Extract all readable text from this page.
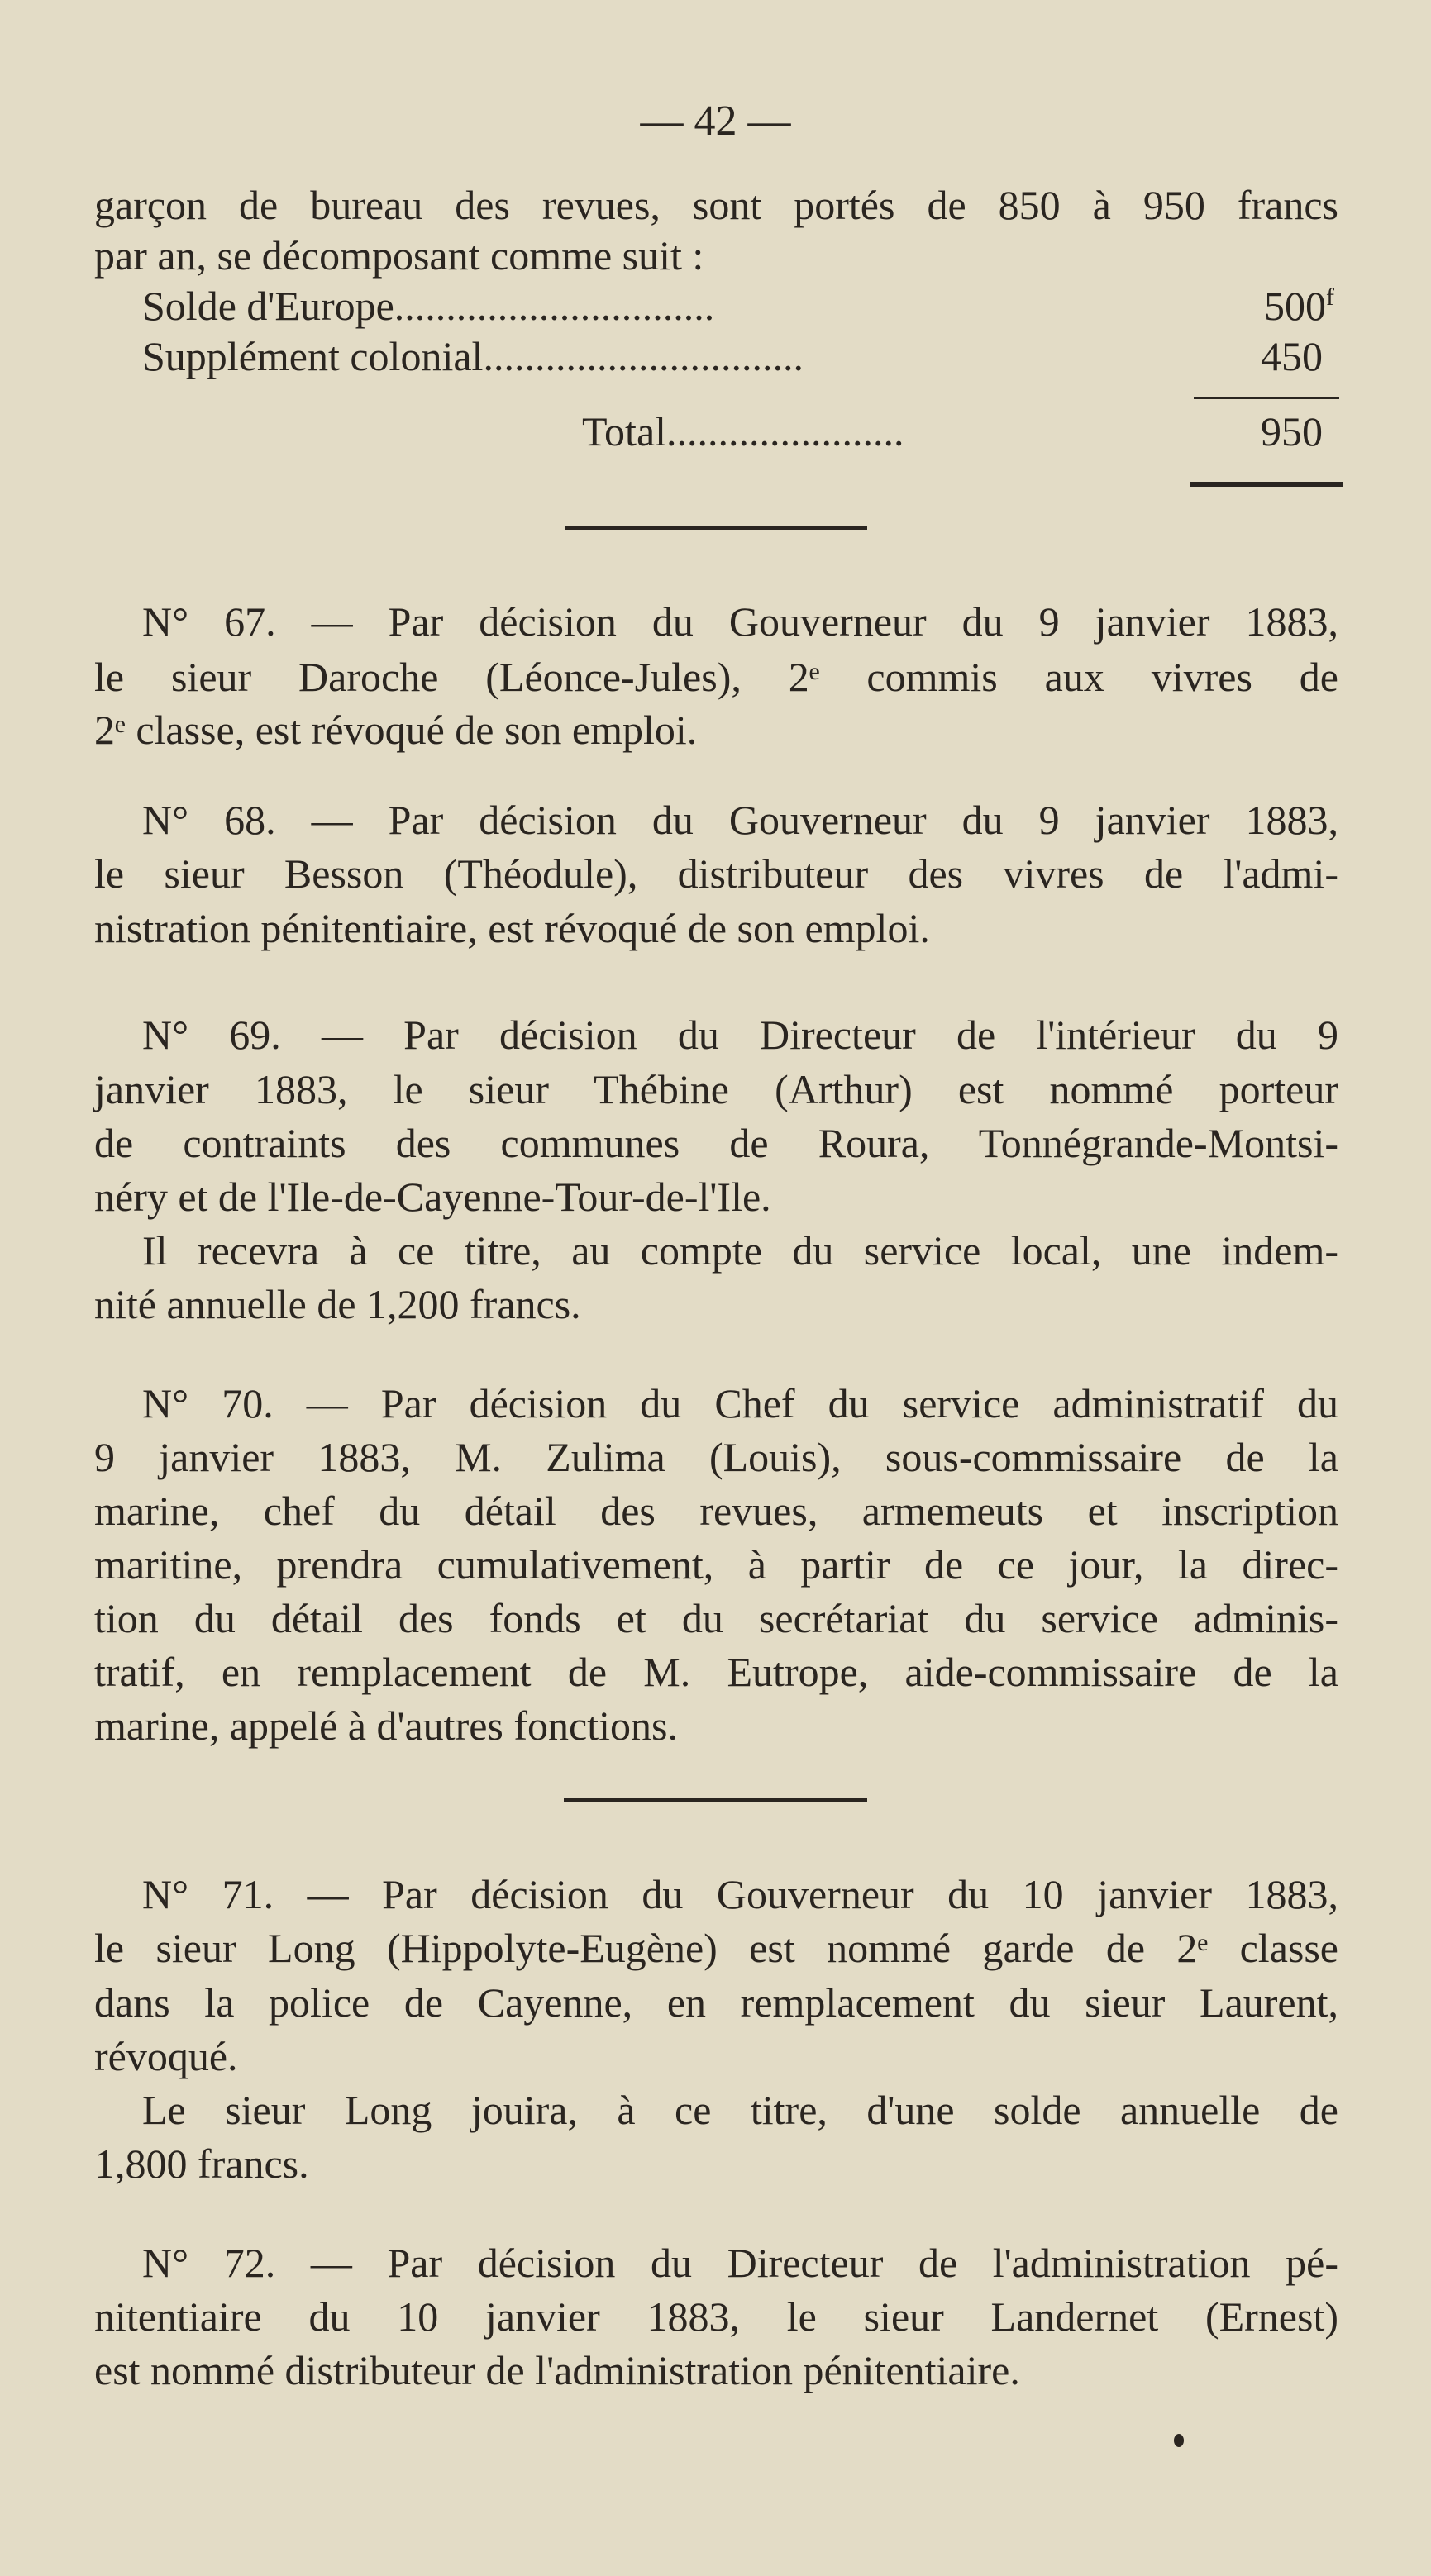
— 42 —
garçon de bureau des revues, sont portés de 850 à 950 francs
par an, se décomposant comme suit :
Solde d'Europe...............................	500$^f$
Supplément colonial...............................	450
Total.......................	950
N° 67. — Par décision du Gouverneur du 9 janvier 1883,
le sieur Daroche (Léonce-Jules), 2ᵉ commis aux vivres de
2ᵉ classe, est révoqué de son emploi.
N° 68. — Par décision du Gouverneur du 9 janvier 1883,
le sieur Besson (Théodule), distributeur des vivres de l'admi-
nistration pénitentiaire, est révoqué de son emploi.
N° 69. — Par décision du Directeur de l'intérieur du 9
janvier 1883, le sieur Thébine (Arthur) est nommé porteur
de contraints des communes de Roura, Tonnégrande-Montsi-
néry et de l'Ile-de-Cayenne-Tour-de-l'Ile.
Il recevra à ce titre, au compte du service local, une indem-
nité annuelle de 1,200 francs.
N° 70. — Par décision du Chef du service administratif du
9 janvier 1883, M. Zulima (Louis), sous-commissaire de la
marine, chef du détail des revues, armemeuts et inscription
maritine, prendra cumulativement, à partir de ce jour, la direc-
tion du détail des fonds et du secrétariat du service adminis-
tratif, en remplacement de M. Eutrope, aide-commissaire de la
marine, appelé à d'autres fonctions.
N° 71. — Par décision du Gouverneur du 10 janvier 1883,
le sieur Long (Hippolyte-Eugène) est nommé garde de 2ᵉ classe
dans la police de Cayenne, en remplacement du sieur Laurent,
révoqué.
Le sieur Long jouira, à ce titre, d'une solde annuelle de
1,800 francs.
N° 72. — Par décision du Directeur de l'administration pé-
nitentiaire du 10 janvier 1883, le sieur Landernet (Ernest)
est nommé distributeur de l'administration pénitentiaire.
